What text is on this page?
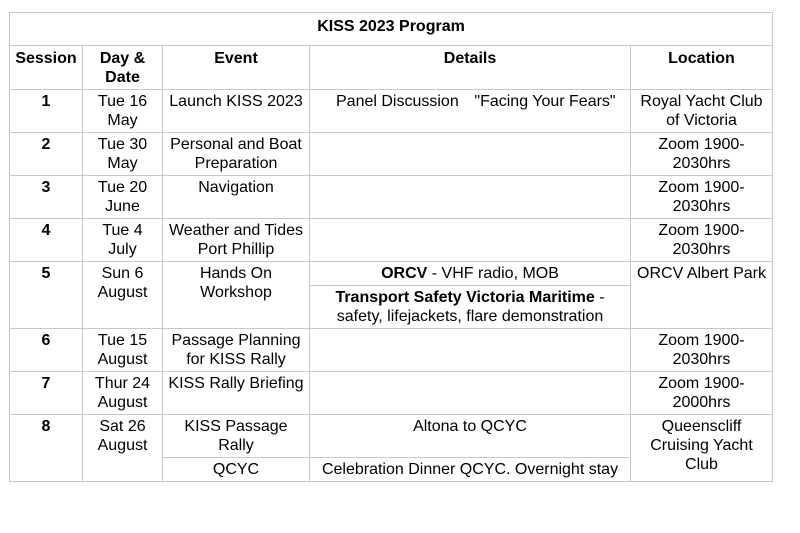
KISS 2023 Program				
Session	Day & Date	Event	Details	Location
1	Tue 16 May	Launch KISS 2023	Panel Discussion "Facing Your Fears"	Royal Yacht Club of Victoria
2	Tue 30 May	Personal and Boat Preparation		Zoom 1900-2030hrs
3	Tue 20 June	Navigation		Zoom 1900-2030hrs
4	Tue 4 July	Weather and Tides Port Phillip		Zoom 1900-2030hrs
5	Sun 6 August	Hands On Workshop	ORCV - VHF radio, MOB	ORCV Albert Park
			Transport Safety Victoria Maritime - safety, lifejackets, flare demonstration	
6	Tue 15 August	Passage Planning for KISS Rally		Zoom 1900-2030hrs
7	Thur 24 August	KISS Rally Briefing		Zoom 1900-2000hrs
8	Sat 26 August	KISS Passage Rally	Altona to QCYC	Queenscliff Cruising Yacht Club
		QCYC	Celebration Dinner QCYC. Overnight stay	
